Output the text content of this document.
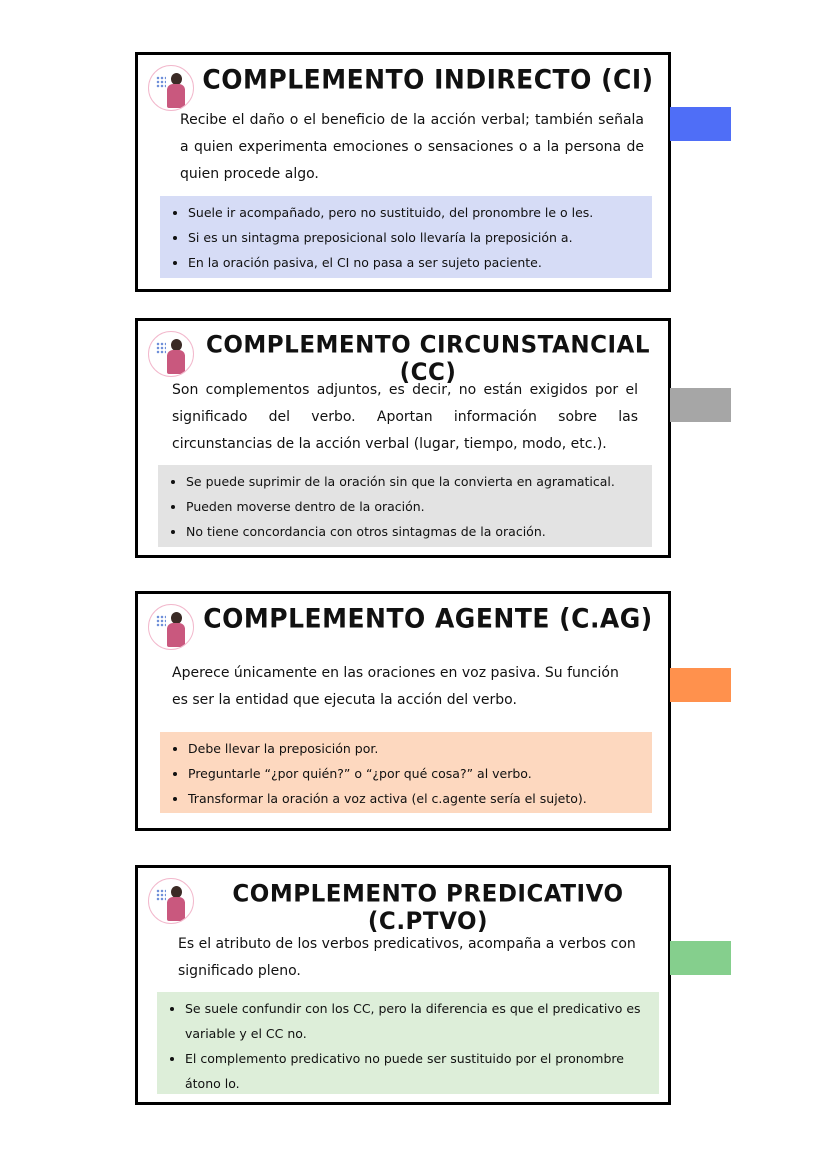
COMPLEMENTO INDIRECTO (CI)
Recibe el daño o el beneficio de la acción verbal; también señala a quien experimenta emociones o sensaciones o a la persona de quien procede algo.
• Suele ir acompañado, pero no sustituido, del pronombre le o les.
• Si es un sintagma preposicional solo llevaría la preposición a.
• En la oración pasiva, el CI no pasa a ser sujeto paciente.
COMPLEMENTO CIRCUNSTANCIAL (CC)
Son complementos adjuntos, es decir, no están exigidos por el significado del verbo. Aportan información sobre las circunstancias de la acción verbal (lugar, tiempo, modo, etc.).
• Se puede suprimir de la oración sin que la convierta en agramatical.
• Pueden moverse dentro de la oración.
• No tiene concordancia con otros sintagmas de la oración.
COMPLEMENTO AGENTE (C.AG)
Aperece únicamente en las oraciones en voz pasiva. Su función es ser la entidad que ejecuta la acción del verbo.
• Debe llevar la preposición por.
• Preguntarle “¿por quién?” o “¿por qué cosa?” al verbo.
• Transformar la oración a voz activa (el c.agente sería el sujeto).
COMPLEMENTO PREDICATIVO (C.PTVO)
Es el atributo de los verbos predicativos, acompaña a verbos con significado pleno.
• Se suele confundir con los CC, pero la diferencia es que el predicativo es variable y el CC no.
• El complemento predicativo no puede ser sustituido por el pronombre átono lo.
